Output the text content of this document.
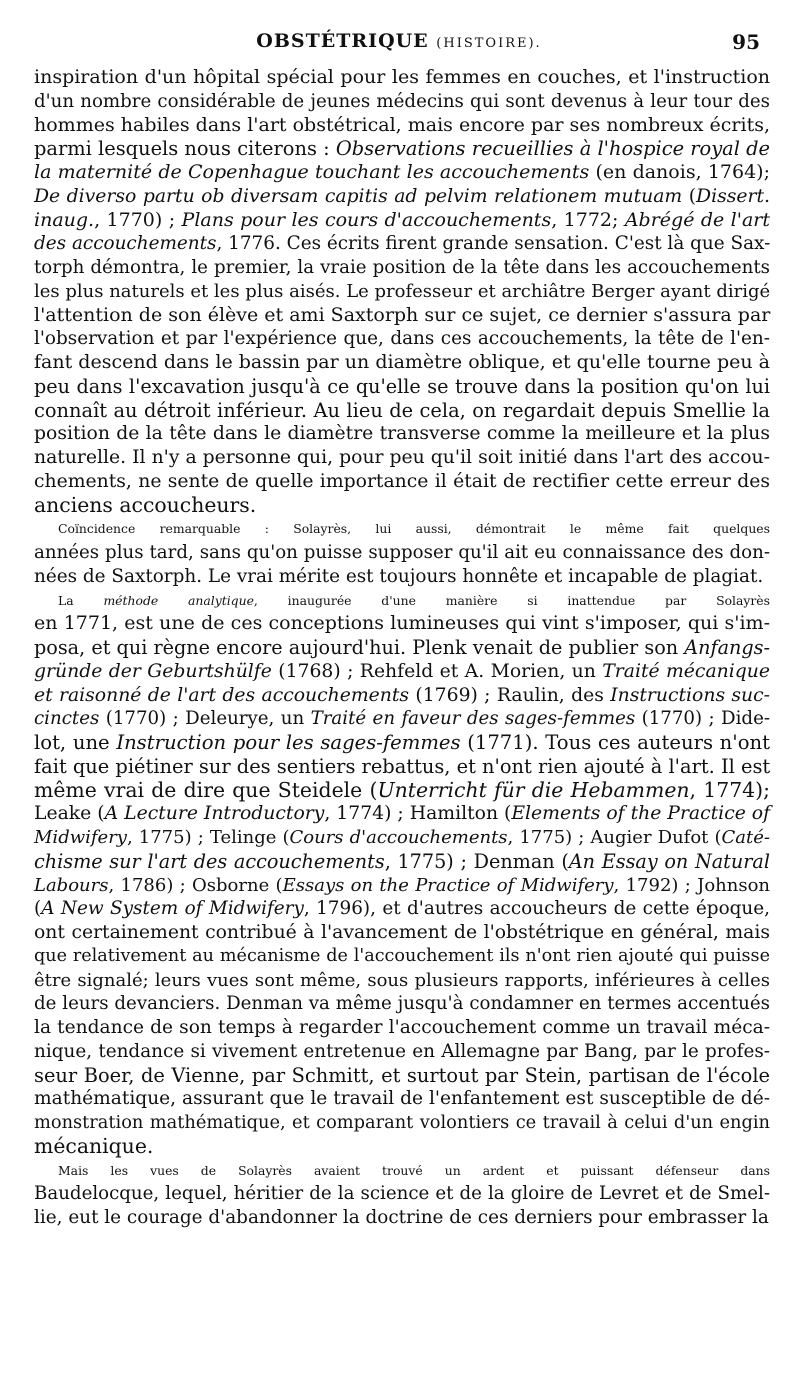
OBSTÉTRIQUE (HISTOIRE).	95

inspiration d'un hôpital spécial pour les femmes en couches, et l'instruction

d'un nombre considérable de jeunes médecins qui sont devenus à leur tour des

hommes habiles dans l'art obstétrical, mais encore par ses nombreux écrits,

parmi lesquels nous citerons : Observations recueillies à l'hospice royal de

la maternité de Copenhague touchant les accouchements (en danois, 1764);

De diverso partu ob diversam capitis ad pelvim relationem mutuam (Dissert.

inaug., 1770) ; Plans pour les cours d'accouchements, 1772; Abrégé de l'art

des accouchements, 1776. Ces écrits firent grande sensation. C'est là que Sax-

torph démontra, le premier, la vraie position de la tête dans les accouchements

les plus naturels et les plus aisés. Le professeur et archiâtre Berger ayant dirigé

l'attention de son élève et ami Saxtorph sur ce sujet, ce dernier s'assura par

l'observation et par l'expérience que, dans ces accouchements, la tête de l'en-

fant descend dans le bassin par un diamètre oblique, et qu'elle tourne peu à

peu dans l'excavation jusqu'à ce qu'elle se trouve dans la position qu'on lui

connaît au détroit inférieur. Au lieu de cela, on regardait depuis Smellie la

position de la tête dans le diamètre transverse comme la meilleure et la plus

naturelle. Il n'y a personne qui, pour peu qu'il soit initié dans l'art des accou-

chements, ne sente de quelle importance il était de rectifier cette erreur des

anciens accoucheurs.

Coïncidence remarquable : Solayrès, lui aussi, démontrait le même fait quelques

années plus tard, sans qu'on puisse supposer qu'il ait eu connaissance des don-

nées de Saxtorph. Le vrai mérite est toujours honnête et incapable de plagiat.

La méthode analytique, inaugurée d'une manière si inattendue par Solayrès

en 1771, est une de ces conceptions lumineuses qui vint s'imposer, qui s'im-

posa, et qui règne encore aujourd'hui. Plenk venait de publier son Anfangs-

gründe der Geburtshülfe (1768) ; Rehfeld et A. Morien, un Traité mécanique

et raisonné de l'art des accouchements (1769) ; Raulin, des Instructions suc-

cinctes (1770) ; Deleurye, un Traité en faveur des sages-femmes (1770) ; Dide-

lot, une Instruction pour les sages-femmes (1771). Tous ces auteurs n'ont

fait que piétiner sur des sentiers rebattus, et n'ont rien ajouté à l'art. Il est

même vrai de dire que Steidele (Unterricht für die Hebammen, 1774);

Leake (A Lecture Introductory, 1774) ; Hamilton (Elements of the Practice of

Midwifery, 1775) ; Telinge (Cours d'accouchements, 1775) ; Augier Dufot (Caté-

chisme sur l'art des accouchements, 1775) ; Denman (An Essay on Natural

Labours, 1786) ; Osborne (Essays on the Practice of Midwifery, 1792) ; Johnson

(A New System of Midwifery, 1796), et d'autres accoucheurs de cette époque,

ont certainement contribué à l'avancement de l'obstétrique en général, mais

que relativement au mécanisme de l'accouchement ils n'ont rien ajouté qui puisse

être signalé; leurs vues sont même, sous plusieurs rapports, inférieures à celles

de leurs devanciers. Denman va même jusqu'à condamner en termes accentués

la tendance de son temps à regarder l'accouchement comme un travail méca-

nique, tendance si vivement entretenue en Allemagne par Bang, par le profes-

seur Boer, de Vienne, par Schmitt, et surtout par Stein, partisan de l'école

mathématique, assurant que le travail de l'enfantement est susceptible de dé-

monstration mathématique, et comparant volontiers ce travail à celui d'un engin

mécanique.

Mais les vues de Solayrès avaient trouvé un ardent et puissant défenseur dans

Baudelocque, lequel, héritier de la science et de la gloire de Levret et de Smel-

lie, eut le courage d'abandonner la doctrine de ces derniers pour embrasser la
